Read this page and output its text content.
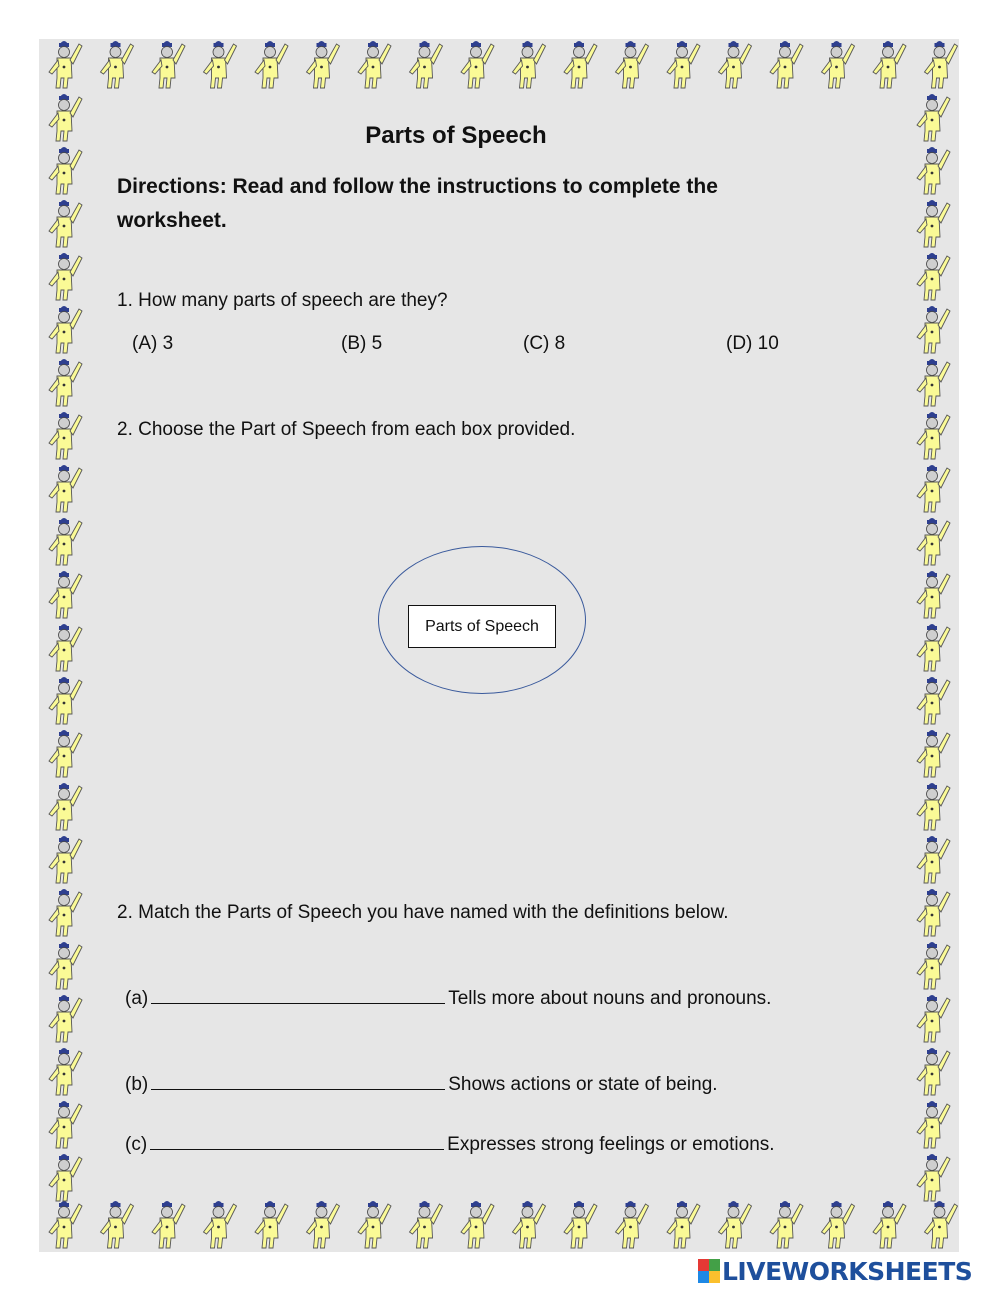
Parts of Speech
Directions: Read and follow the instructions to complete the worksheet.
1. How many parts of speech are they?
(A) 3	(B) 5	(C) 8	(D) 10
2. Choose the Part of Speech from each box provided.
Parts of Speech
2. Match the Parts of Speech you have named with the definitions below.
(a)	Tells more about nouns and pronouns.
(b)	Shows actions or state of being.
(c)	Expresses strong feelings or emotions.
LIVEWORKSHEETS
